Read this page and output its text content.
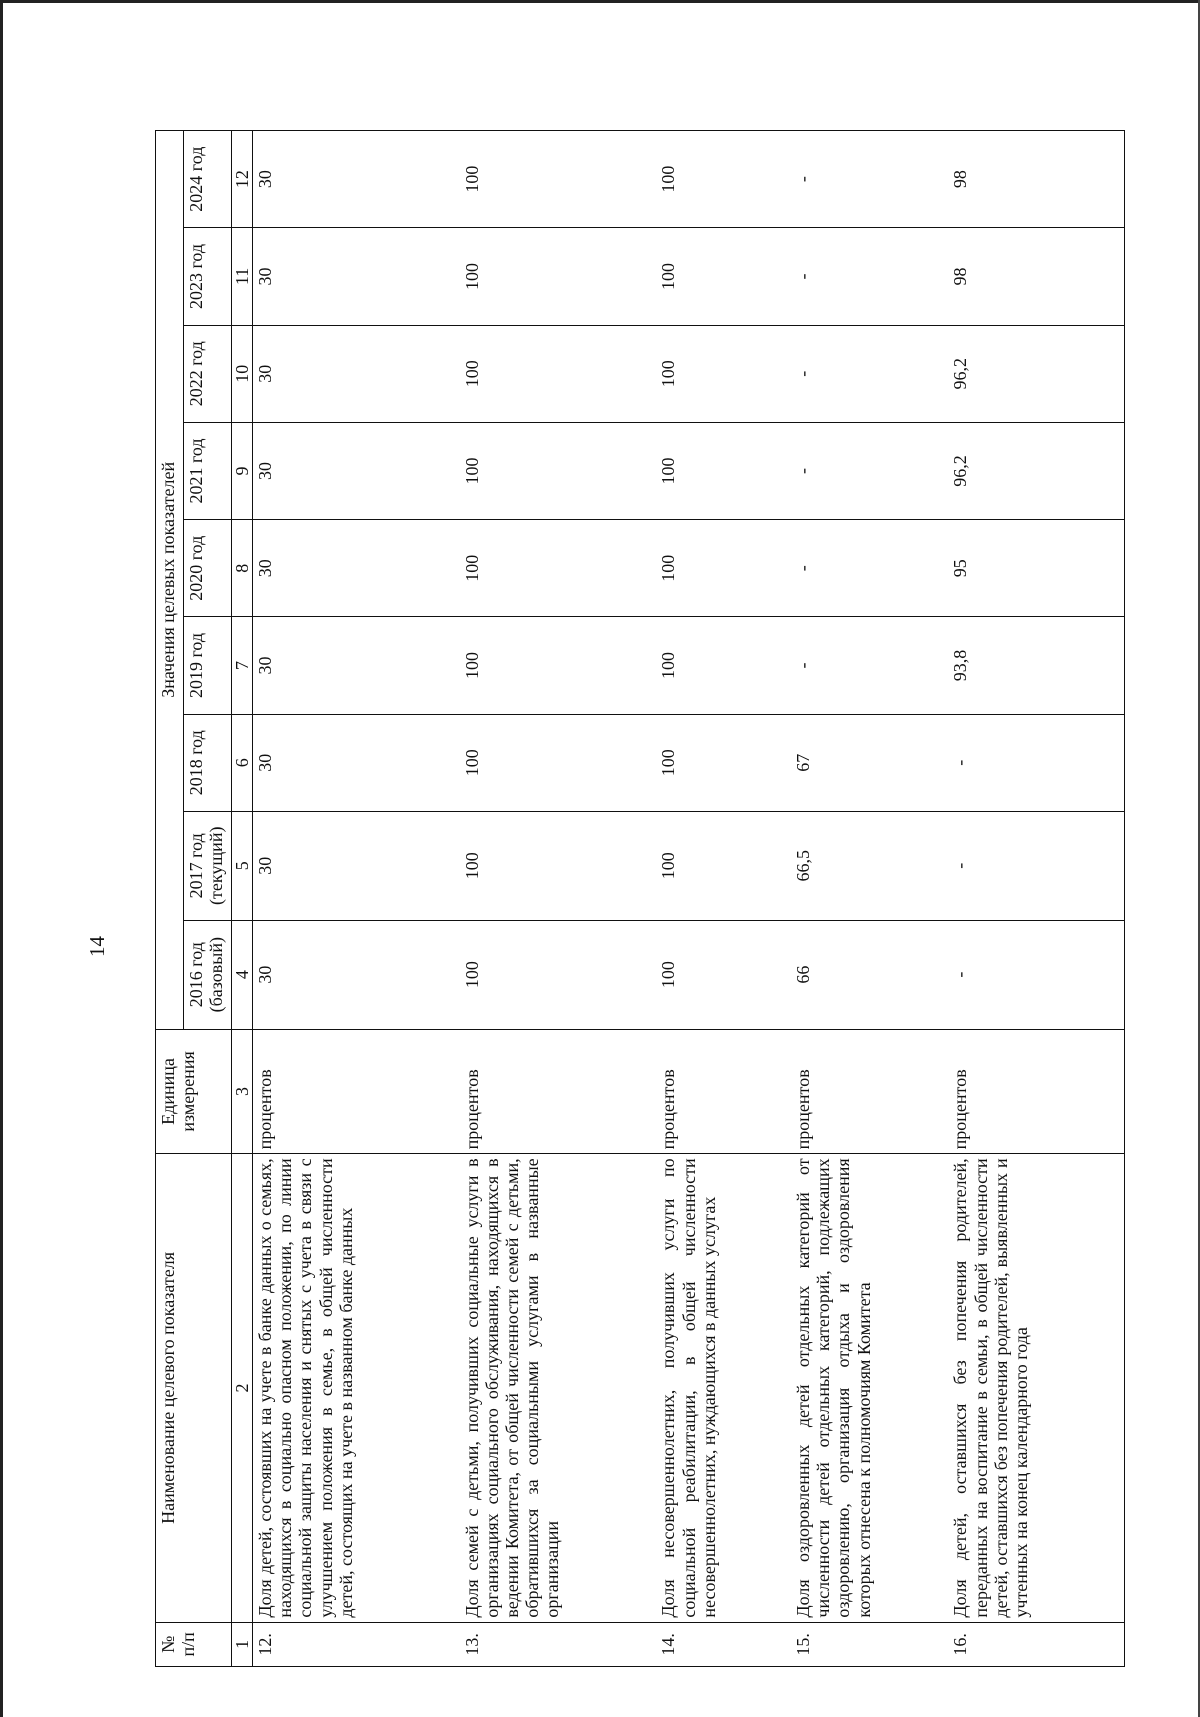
14
№ п/п	Наименование целевого показателя	Единица измерения	Значения целевых показателей								
			2016 год (базовый)	2017 год (текущий)	2018 год	2019 год	2020 год	2021 год	2022 год	2023 год	2024 год
1	2	3	4	5	6	7	8	9	10	11	12
12.	Доля детей, состоявших на учете в банке данных о семьях, находящихся в социально опасном положении, по линии социальной защиты населения и снятых с учета в связи с улучшением положения в семье, в общей численности детей, состоящих на учете в названном банке данных	процентов	30	30	30	30	30	30	30	30	30
13.	Доля семей с детьми, получивших социальные услуги в организациях социального обслуживания, находящихся в ведении Комитета, от общей численности семей с детьми, обратившихся за социальными услугами в названные организации	процентов	100	100	100	100	100	100	100	100	100
14.	Доля несовершеннолетних, получивших услуги по социальной реабилитации, в общей численности несовершеннолетних, нуждающихся в данных услугах	процентов	100	100	100	100	100	100	100	100	100
15.	Доля оздоровленных детей отдельных категорий от численности детей отдельных категорий, подлежащих оздоровлению, организация отдыха и оздоровления которых отнесена к полномочиям Комитета	процентов	66	66,5	67	-	-	-	-	-	-
16.	Доля детей, оставшихся без попечения родителей, переданных на воспитание в семьи, в общей численности детей, оставшихся без попечения родителей, выявленных и учтенных на конец календарного года	процентов	-	-	-	93,8	95	96,2	96,2	98	98
